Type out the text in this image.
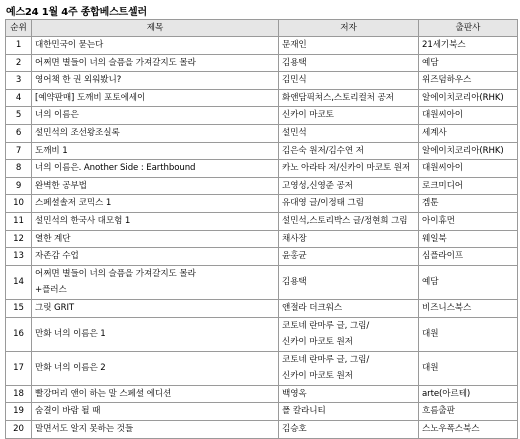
예스24 1월 4주 종합베스트셀러
순위	제목	저자	출판사

1	대한민국이 묻는다	문재인	21세기북스

2	어쩌면 별들이 너의 슬픔을 가져갈지도 몰라	김용택	예담

3	영어책 한 권 외워봤니?	김민식	위즈덤하우스

4	[예약판매] 도깨비 포토에세이	화앤담픽쳐스,스토리컬처 공저	알에이치코리아(RHK)

5	너의 이름은	신카이 마코토	대원씨아이

6	설민석의 조선왕조실록	설민석	세계사

7	도깨비 1	김은숙 원저/김수연 저	알에이치코리아(RHK)

8	너의 이름은. Another Side : Earthbound	카노 아라타 저/신카이 마코토 원저	대원씨아이

9	완벽한 공부법	고영성,신영준 공저	로크미디어

10	스페셜솔저 코믹스 1	유대영 글/이정태 그림	겜툰

11	설민석의 한국사 대모험 1	설민석,스토리박스 글/정현희 그림	아이휴먼

12	열한 계단	채사장	웨일북

13	자존감 수업	윤홍균	심플라이프

14	어쩌면 별들이 너의 슬픔을 가져갈지도 몰라
+플러스	김용택	예담

15	그릿 GRIT	앤절라 더크워스	비즈니스북스

16	만화 너의 이름은 1	코토네 란마루 글, 그림/
신카이 마코토 원저	대원

17	만화 너의 이름은 2	코토네 란마루 글, 그림/
신카이 마코토 원저	대원

18	빨강머리 앤이 하는 말 스페셜 에디션	백영옥	arte(아르테)

19	숨결이 바람 될 때	폴 칼라니티	흐름출판

20	말면서도 알지 못하는 것들	김승호	스노우폭스북스
